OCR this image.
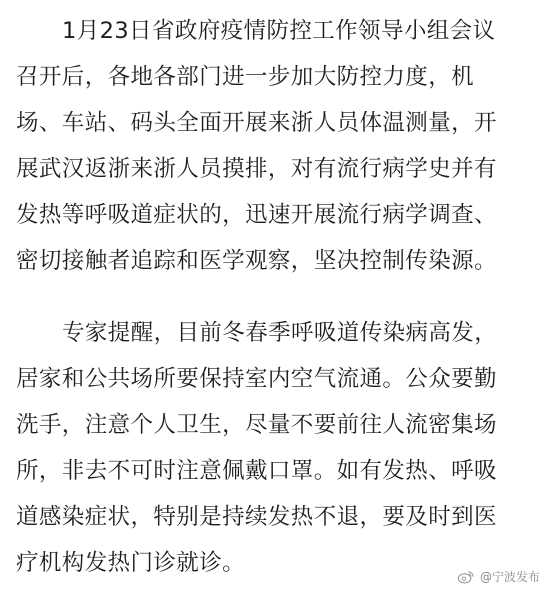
1月23日省政府疫情防控工作领导小组会议
召开后，各地各部门进一步加大防控力度，机
场、车站、码头全面开展来浙人员体温测量，开
展武汉返浙来浙人员摸排，对有流行病学史并有
发热等呼吸道症状的，迅速开展流行病学调查、
密切接触者追踪和医学观察，坚决控制传染源。
专家提醒，目前冬春季呼吸道传染病高发，
居家和公共场所要保持室内空气流通。公众要勤
洗手，注意个人卫生，尽量不要前往人流密集场
所，非去不可时注意佩戴口罩。如有发热、呼吸
道感染症状，特别是持续发热不退，要及时到医
疗机构发热门诊就诊。
@宁波发布
